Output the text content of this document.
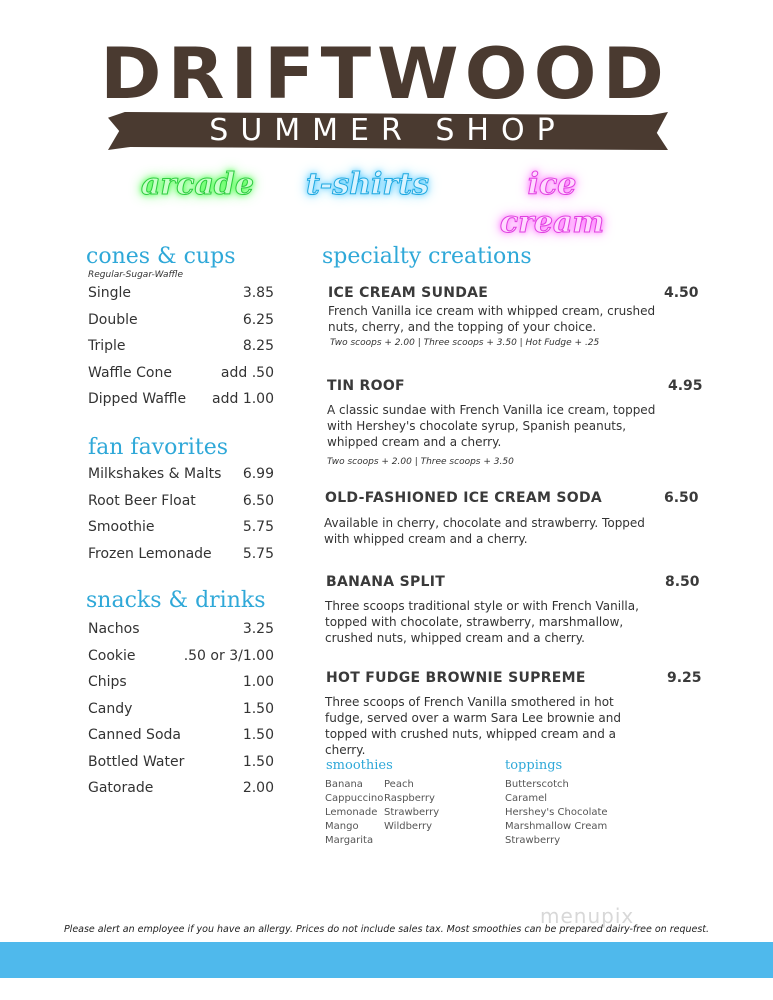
DRIFTWOOD
SUMMER SHOP
arcade t-shirts	ice cream
cones & cups
Regular-Sugar-Waffle
Single	3.85
Double	6.25
Triple	8.25
Waffle Cone	add .50
Dipped Waffle add 1.00
fan favorites
Milkshakes & Malts 6.99
Root Beer Float	6.50
Smoothie	5.75
Frozen Lemonade 5.75
snacks & drinks
Nachos	3.25
Cookie	.50 or 3/1.00
Chips	1.00
Candy	1.50
Canned Soda	1.50
Bottled Water	1.50
Gatorade	2.00
specialty creations
ICE CREAM SUNDAE	4.50
French Vanilla ice cream with whipped cream, crushed nuts, cherry, and the topping of your choice.
Two scoops + 2.00 | Three scoops + 3.50 | Hot Fudge + .25
TIN ROOF	4.95
A classic sundae with French Vanilla ice cream, topped with Hershey's chocolate syrup, Spanish peanuts, whipped cream and a cherry.
Two scoops + 2.00 | Three scoops + 3.50
OLD-FASHIONED ICE CREAM SODA	6.50
Available in cherry, chocolate and strawberry. Topped with whipped cream and a cherry.
BANANA SPLIT	8.50
Three scoops traditional style or with French Vanilla, topped with chocolate, strawberry, marshmallow, crushed nuts, whipped cream and a cherry.
HOT FUDGE BROWNIE SUPREME	9.25
Three scoops of French Vanilla smothered in hot fudge, served over a warm Sara Lee brownie and topped with crushed nuts, whipped cream and a cherry.
smoothies
Banana
Cappuccino
Lemonade
Mango
Margarita
Peach
Raspberry
Strawberry
Wildberry
toppings
Butterscotch
Caramel
Hershey's Chocolate
Marshmallow Cream
Strawberry
menupix
Please alert an employee if you have an allergy. Prices do not include sales tax. Most smoothies can be prepared dairy-free on request.
